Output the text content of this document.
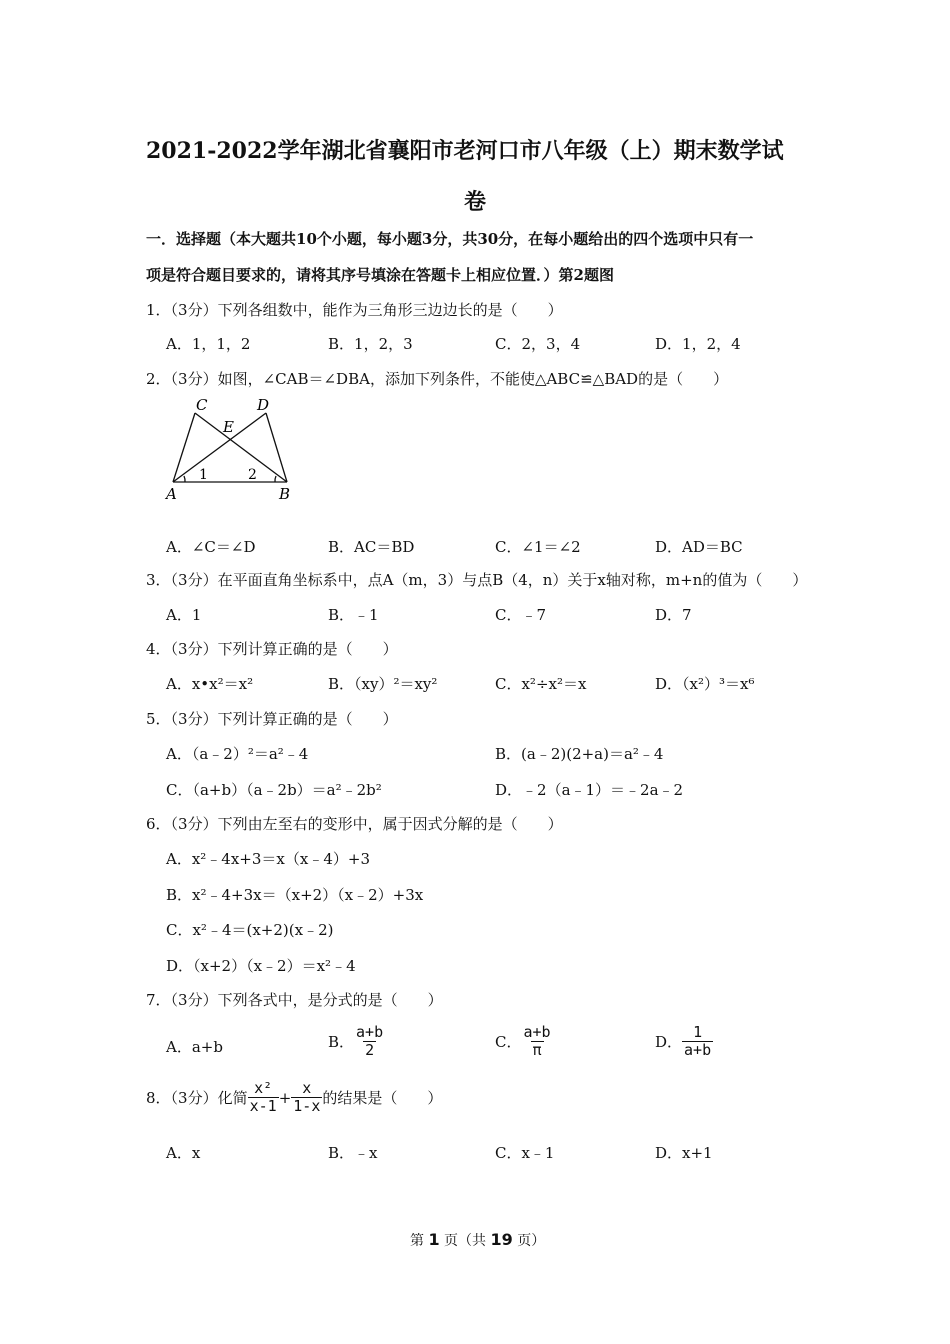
2021-2022学年湖北省襄阳市老河口市八年级（上）期末数学试
卷
一．选择题（本大题共10个小题，每小题3分，共30分，在每小题给出的四个选项中只有一
项是符合题目要求的，请将其序号填涂在答题卡上相应位置．）第2题图
1．（3分）下列各组数中，能作为三角形三边边长的是（　　）
A．1，1，2	B．1，2，3	C．2，3，4	D．1，2，4
2．（3分）如图，∠CAB＝∠DBA，添加下列条件，不能使△ABC≌△BAD的是（　　）
C	D
E
1	2
A	B
A．∠C＝∠D	B．AC＝BD	C．∠1＝∠2	D．AD＝BC
3．（3分）在平面直角坐标系中，点A（m，3）与点B（4，n）关于x轴对称，m+n的值为（　　）
A．1	B．﹣1	C．﹣7	D．7
4．（3分）下列计算正确的是（　　）
A．x•x²＝x²	B．（xy）²＝xy²	C．x²÷x²＝x	D．（x²）³＝x⁶
5．（3分）下列计算正确的是（　　）
A．（a﹣2）²＝a²﹣4	B．(a﹣2)(2+a)＝a²﹣4
C．（a+b）（a﹣2b）＝a²﹣2b²	D．﹣2（a﹣1）＝﹣2a﹣2
6．（3分）下列由左至右的变形中，属于因式分解的是（　　）
A．x²﹣4x+3＝x（x﹣4）+3
B．x²﹣4+3x＝（x+2）（x﹣2）+3x
C．x²﹣4＝(x+2)(x﹣2)
D．（x+2）（x﹣2）＝x²﹣4
7．（3分）下列各式中，是分式的是（　　）
A．a+b	B． $\frac{a+b}{2}$	C． $\frac{a+b}{\pi}$	D． $\frac{1}{a+b}$
8．（3分）化简 $\frac{\text{x²}}{x-1} + \frac{x}{1-x}$ 的结果是（　　）
A．x	B．﹣x	C．x﹣1	D．x+1
第 1 页（共 19 页）
